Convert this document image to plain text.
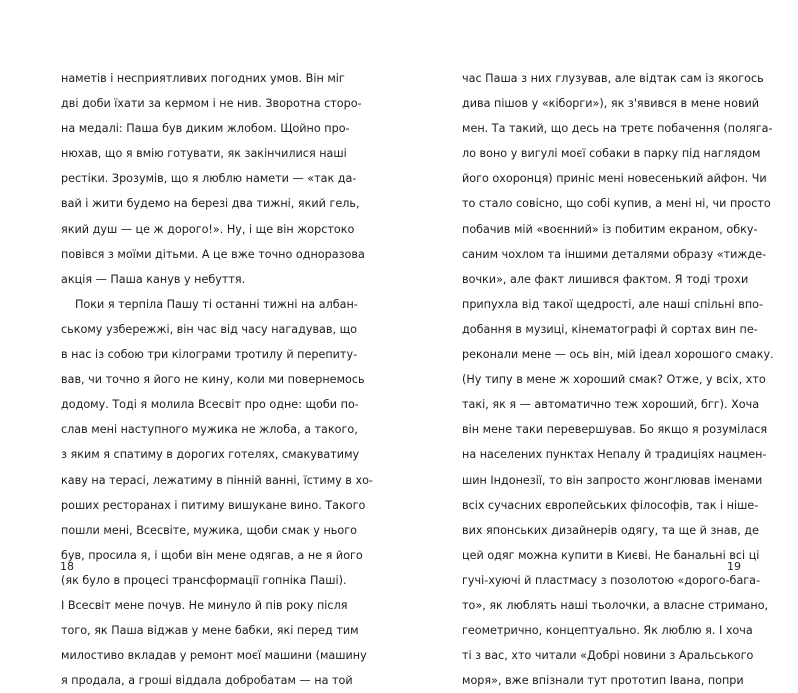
наметів і несприятливих погодних умов. Він міг
дві доби їхати за кермом і не нив. Зворотна сторо-
на медалі: Паша був диким жлобом. Щойно про-
нюхав, що я вмію готувати, як закінчилися наші
рестіки. Зрозумів, що я люблю намети — «так да-
вай і жити будемо на березі два тижні, який гель,
який душ — це ж дорого!». Ну, і ще він жорстоко
повівся з моїми дітьми. А це вже точно одноразова
акція — Паша канув у небуття.
Поки я терпіла Пашу ті останні тижні на албан-
ському узбережжі, він час від часу нагадував, що
в нас із собою три кілограми тротилу й перепиту-
вав, чи точно я його не кину, коли ми повернемось
додому. Тоді я молила Всесвіт про одне: щоби по-
слав мені наступного мужика не жлоба, а такого,
з яким я спатиму в дорогих готелях, смакуватиму
каву на терасі, лежатиму в пінній ванні, їстиму в хо-
роших ресторанах і питиму вишукане вино. Такого
пошли мені, Всесвіте, мужика, щоби смак у нього
був, просила я, і щоби він мене одягав, а не я його
(як було в процесі трансформації гопніка Паші).
І Всесвіт мене почув. Не минуло й пів року після
того, як Паша віджав у мене бабки, які перед тим
милостиво вкладав у ремонт моєї машини (машину
я продала, а гроші віддала добробатам — на той
18
час Паша з них глузував, але відтак сам із якогось
дива пішов у «кіборги»), як з'явився в мене новий
мен. Та такий, що десь на третє побачення (поляга-
ло воно у вигулі моєї собаки в парку під наглядом
його охоронця) приніс мені новесенький айфон. Чи
то стало совісно, що собі купив, а мені ні, чи просто
побачив мій «воєнний» із побитим екраном, обку-
саним чохлом та іншими деталями образу «тижде-
вочки», але факт лишився фактом. Я тоді трохи
припухла від такої щедрості, але наші спільні впо-
добання в музиці, кінематографі й сортах вин пе-
реконали мене — ось він, мій ідеал хорошого смаку.
(Ну типу в мене ж хороший смак? Отже, у всіх, хто
такі, як я — автоматично теж хороший, бгг). Хоча
він мене таки перевершував. Бо якщо я розумілася
на населених пунктах Непалу й традиціях нацмен-
шин Індонезії, то він запросто жонглював іменами
всіх сучасних європейських філософів, так і ніше-
вих японських дизайнерів одягу, та ще й знав, де
цей одяг можна купити в Києві. Не банальні всі ці
гучі-хуючі й пластмасу з позолотою «дорого-бага-
то», як люблять наші тьолочки, а власне стримано,
геометрично, концептуально. Як люблю я. І хоча
ті з вас, хто читали «Добрі новини з Аральського
моря», вже впізнали тут прототип Івана, попри
19
